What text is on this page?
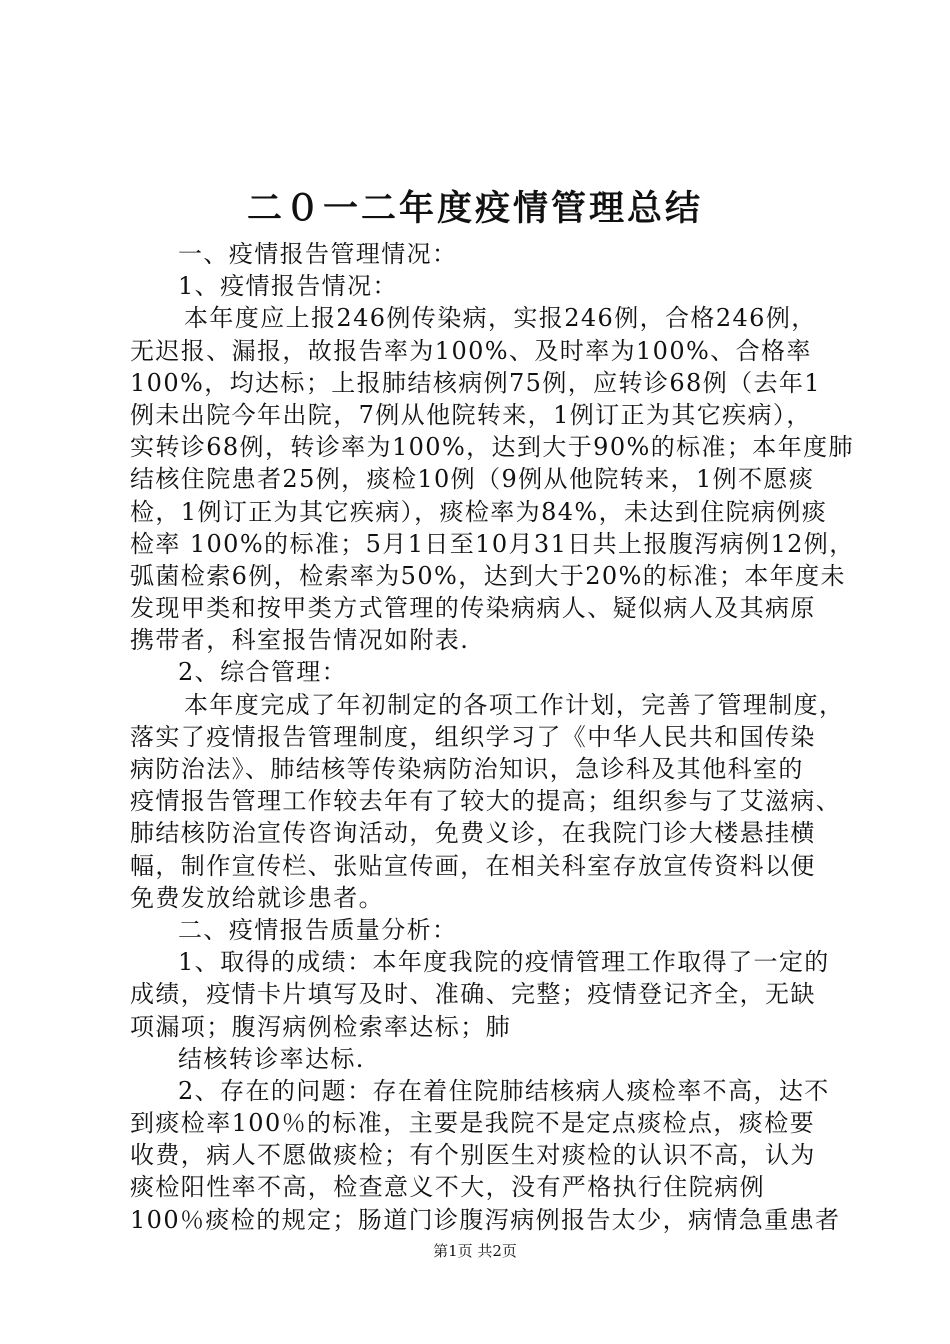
二０一二年度疫情管理总结
一、疫情报告管理情况：
1、疫情报告情况：
本年度应上报246例传染病，实报246例，合格246例，
无迟报、漏报，故报告率为100%、及时率为100%、合格率
100%，均达标；上报肺结核病例75例，应转诊68例（去年1
例未出院今年出院，7例从他院转来，1例订正为其它疾病），
实转诊68例，转诊率为100%，达到大于90%的标准；本年度肺
结核住院患者25例，痰检10例（9例从他院转来，1例不愿痰
检，1例订正为其它疾病），痰检率为84%，未达到住院病例痰
检率 100%的标准；5月1日至10月31日共上报腹泻病例12例，
弧菌检索6例，检索率为50%，达到大于20%的标准；本年度未
发现甲类和按甲类方式管理的传染病病人、疑似病人及其病原
携带者，科室报告情况如附表.
2、综合管理：
本年度完成了年初制定的各项工作计划，完善了管理制度，
落实了疫情报告管理制度，组织学习了《中华人民共和国传染
病防治法》、肺结核等传染病防治知识，急诊科及其他科室的
疫情报告管理工作较去年有了较大的提高；组织参与了艾滋病、
肺结核防治宣传咨询活动，免费义诊，在我院门诊大楼悬挂横
幅，制作宣传栏、张贴宣传画，在相关科室存放宣传资料以便
免费发放给就诊患者。
二、疫情报告质量分析：
1、取得的成绩：本年度我院的疫情管理工作取得了一定的
成绩，疫情卡片填写及时、准确、完整；疫情登记齐全，无缺
项漏项；腹泻病例检索率达标；肺
结核转诊率达标.
2、存在的问题：存在着住院肺结核病人痰检率不高，达不
到痰检率100％的标准，主要是我院不是定点痰检点，痰检要
收费，病人不愿做痰检；有个别医生对痰检的认识不高，认为
痰检阳性率不高，检查意义不大，没有严格执行住院病例
100％痰检的规定；肠道门诊腹泻病例报告太少，病情急重患者
第1页 共2页
